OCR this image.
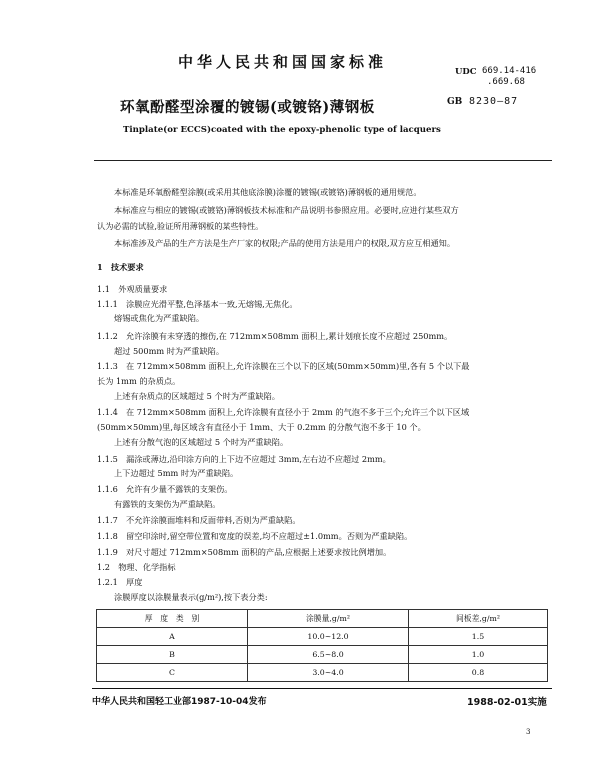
中华人民共和国国家标准
UDC 669.14-416
.669.68
环氧酚醛型涂覆的镀锡(或镀铬)薄钢板	GB 8230—87
Tinplate(or ECCS)coated with the epoxy-phenolic type of lacquers
本标准是环氧酚醛型涂膜(或采用其他底涂膜)涂覆的镀锡(或镀铬)薄钢板的通用规范。
本标准应与相应的镀锡(或镀铬)薄钢板技术标准和产品说明书参照应用。必要时,应进行某些双方
认为必需的试验,验证所用薄钢板的某些特性。
本标准涉及产品的生产方法是生产厂家的权限;产品的使用方法是用户的权限,双方应互相通知。
1　技术要求
1.1　外观质量要求
1.1.1　涂膜应光滑平整,色泽基本一致,无熔锡,无焦化。
熔锡或焦化为严重缺陷。
1.1.2　允许涂膜有未穿透的擦伤,在 712mm×508mm 面积上,累计划痕长度不应超过 250mm。
超过 500mm 时为严重缺陷。
1.1.3　在 712mm×508mm 面积上,允许涂膜在三个以下的区域(50mm×50mm)里,各有 5 个以下最
长为 1mm 的杂质点。
上述有杂质点的区域超过 5 个时为严重缺陷。
1.1.4　在 712mm×508mm 面积上,允许涂膜有直径小于 2mm 的气泡不多于三个;允许三个以下区域
(50mm×50mm)里,每区域含有直径小于 1mm、大于 0.2mm 的分散气泡不多于 10 个。
上述有分散气泡的区域超过 5 个时为严重缺陷。
1.1.5　漏涂或薄边,沿印涂方向的上下边不应超过 3mm,左右边不应超过 2mm。
上下边超过 5mm 时为严重缺陷。
1.1.6　允许有少量不露铁的支架伤。
有露铁的支架伤为严重缺陷。
1.1.7　不允许涂膜面堆料和反面带料,否则为严重缺陷。
1.1.8　留空印涂时,留空带位置和宽度的误差,均不应超过±1.0mm。否则为严重缺陷。
1.1.9　对尺寸超过 712mm×508mm 面积的产品,应根据上述要求按比例增加。
1.2　物理、化学指标
1.2.1　厚度
涂膜厚度以涂膜量表示(g/m²),按下表分类:
厚　度　类　别	涂膜量,g/m²	间板差,g/m²
A	10.0~12.0	1.5
B	6.5~8.0	1.0
C	3.0~4.0	0.8
中华人民共和国轻工业部1987-10-04发布	1988-02-01实施
3
